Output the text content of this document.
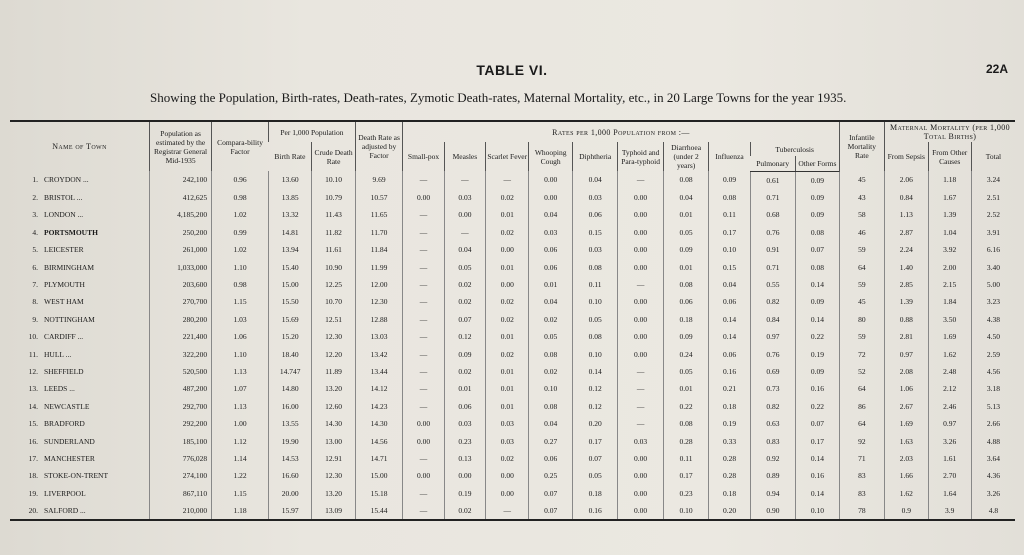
TABLE VI.	22A
Showing the Population, Birth-rates, Death-rates, Zymotic Death-rates, Maternal Mortality, etc., in 20 Large Towns for the year 1935.
Name of Town	Population as estimated by the Registrar General Mid-1935	Compara-bility Factor	Per 1,000 Population		Death Rate as adjusted by Factor	Rates per 1,000 Population from :—										Infantile Mortality Rate	Maternal Mortality (per 1,000 Total Births)		
			Birth Rate	Crude Death Rate		Small-pox	Measles	Scarlet Fever	Whooping Cough	Diphtheria	Typhoid and Para-typhoid	Diarrhoea (under 2 years)	Influenza	Tuberculosis			From Sepsis	From Other Causes	Total
														Pulmonary	Other Forms				
1. CROYDON ...	242,100	0.96	13.60	10.10	9.69	—	—	—	0.00	0.04	—	0.08	0.09	0.61	0.09	45	2.06	1.18	3.24
2. BRISTOL ...	412,625	0.98	13.85	10.79	10.57	0.00	0.03	0.02	0.00	0.03	0.00	0.04	0.08	0.71	0.09	43	0.84	1.67	2.51
3. LONDON ...	4,185,200	1.02	13.32	11.43	11.65	—	0.00	0.01	0.04	0.06	0.00	0.01	0.11	0.68	0.09	58	1.13	1.39	2.52
4. PORTSMOUTH	250,200	0.99	14.81	11.82	11.70	—	—	0.02	0.03	0.15	0.00	0.05	0.17	0.76	0.08	46	2.87	1.04	3.91
5. LEICESTER	261,000	1.02	13.94	11.61	11.84	—	0.04	0.00	0.06	0.03	0.00	0.09	0.10	0.91	0.07	59	2.24	3.92	6.16
6. BIRMINGHAM	1,033,000	1.10	15.40	10.90	11.99	—	0.05	0.01	0.06	0.08	0.00	0.01	0.15	0.71	0.08	64	1.40	2.00	3.40
7. PLYMOUTH	203,600	0.98	15.00	12.25	12.00	—	0.02	0.00	0.01	0.11	—	0.08	0.04	0.55	0.14	59	2.85	2.15	5.00
8. WEST HAM	270,700	1.15	15.50	10.70	12.30	—	0.02	0.02	0.04	0.10	0.00	0.06	0.06	0.82	0.09	45	1.39	1.84	3.23
9. NOTTINGHAM	280,200	1.03	15.69	12.51	12.88	—	0.07	0.02	0.02	0.05	0.00	0.18	0.14	0.84	0.14	80	0.88	3.50	4.38
10. CARDIFF ...	221,400	1.06	15.20	12.30	13.03	—	0.12	0.01	0.05	0.08	0.00	0.09	0.14	0.97	0.22	59	2.81	1.69	4.50
11. HULL ...	322,200	1.10	18.40	12.20	13.42	—	0.09	0.02	0.08	0.10	0.00	0.24	0.06	0.76	0.19	72	0.97	1.62	2.59
12. SHEFFIELD	520,500	1.13	14.747	11.89	13.44	—	0.02	0.01	0.02	0.14	—	0.05	0.16	0.69	0.09	52	2.08	2.48	4.56
13. LEEDS ...	487,200	1.07	14.80	13.20	14.12	—	0.01	0.01	0.10	0.12	—	0.01	0.21	0.73	0.16	64	1.06	2.12	3.18
14. NEWCASTLE	292,700	1.13	16.00	12.60	14.23	—	0.06	0.01	0.08	0.12	—	0.22	0.18	0.82	0.22	86	2.67	2.46	5.13
15. BRADFORD	292,200	1.00	13.55	14.30	14.30	0.00	0.03	0.03	0.04	0.20	—	0.08	0.19	0.63	0.07	64	1.69	0.97	2.66
16. SUNDERLAND	185,100	1.12	19.90	13.00	14.56	0.00	0.23	0.03	0.27	0.17	0.03	0.28	0.33	0.83	0.17	92	1.63	3.26	4.88
17. MANCHESTER	776,028	1.14	14.53	12.91	14.71	—	0.13	0.02	0.06	0.07	0.00	0.11	0.28	0.92	0.14	71	2.03	1.61	3.64
18. STOKE-ON-TRENT	274,100	1.22	16.60	12.30	15.00	0.00	0.00	0.00	0.25	0.05	0.00	0.17	0.28	0.89	0.16	83	1.66	2.70	4.36
19. LIVERPOOL	867,110	1.15	20.00	13.20	15.18	—	0.19	0.00	0.07	0.18	0.00	0.23	0.18	0.94	0.14	83	1.62	1.64	3.26
20. SALFORD ...	210,000	1.18	15.97	13.09	15.44	—	0.02	—	0.07	0.16	0.00	0.10	0.20	0.90	0.10	78	0.9	3.9	4.8
